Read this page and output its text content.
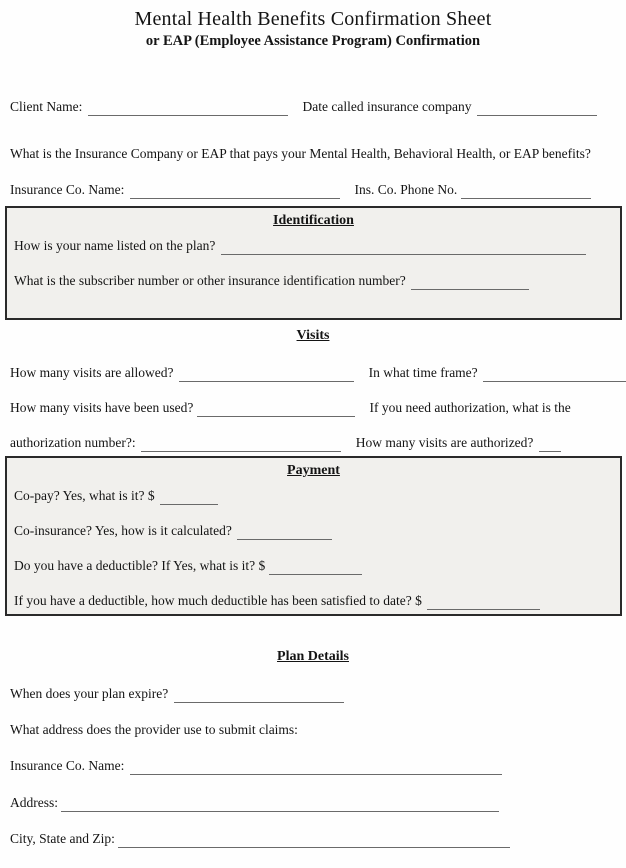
Mental Health Benefits Confirmation Sheet
or EAP (Employee Assistance Program) Confirmation
Client Name:	Date called insurance company
What is the Insurance Company or EAP that pays your Mental Health, Behavioral Health, or EAP benefits?
Insurance Co. Name:	Ins. Co. Phone No.
Identification
How is your name listed on the plan?
What is the subscriber number or other insurance identification number?
Visits
How many visits are allowed?	In what time frame?
How many visits have been used?	If you need authorization, what is the
authorization number?:	How many visits are authorized?
Payment
Co-pay? Yes, what is it? $
Co-insurance? Yes, how is it calculated?
Do you have a deductible? If Yes, what is it? $
If you have a deductible, how much deductible has been satisfied to date? $
Plan Details
When does your plan expire?
What address does the provider use to submit claims:
Insurance Co. Name:
Address:
City, State and Zip:
